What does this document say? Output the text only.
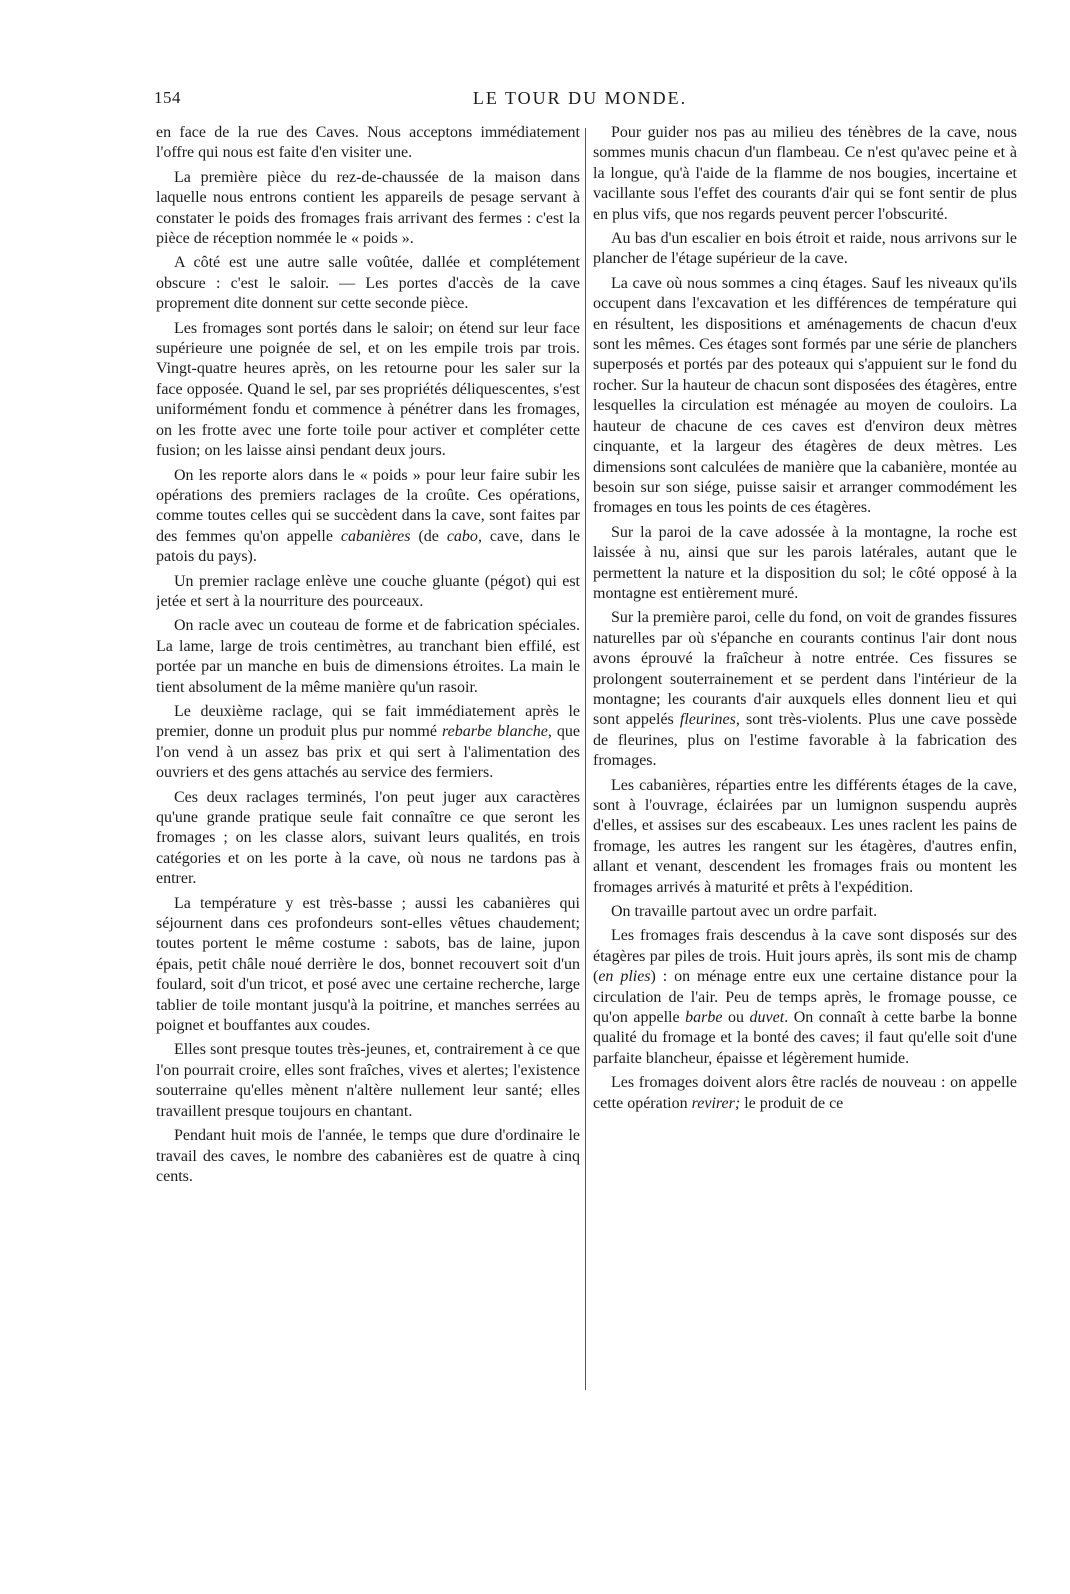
154	LE TOUR DU MONDE.

en face de la rue des Caves. Nous acceptons immédiatement l'offre qui nous est faite d'en visiter une.

La première pièce du rez-de-chaussée de la maison dans laquelle nous entrons contient les appareils de pesage servant à constater le poids des fromages frais arrivant des fermes : c'est la pièce de réception nommée le « poids ».

A côté est une autre salle voûtée, dallée et complétement obscure : c'est le saloir. — Les portes d'accès de la cave proprement dite donnent sur cette seconde pièce.

Les fromages sont portés dans le saloir; on étend sur leur face supérieure une poignée de sel, et on les empile trois par trois. Vingt-quatre heures après, on les retourne pour les saler sur la face opposée. Quand le sel, par ses propriétés déliquescentes, s'est uniformément fondu et commence à pénétrer dans les fromages, on les frotte avec une forte toile pour activer et compléter cette fusion; on les laisse ainsi pendant deux jours.

On les reporte alors dans le « poids » pour leur faire subir les opérations des premiers raclages de la croûte. Ces opérations, comme toutes celles qui se succèdent dans la cave, sont faites par des femmes qu'on appelle cabanières (de cabo, cave, dans le patois du pays).

Un premier raclage enlève une couche gluante (pégot) qui est jetée et sert à la nourriture des pourceaux.

On racle avec un couteau de forme et de fabrication spéciales. La lame, large de trois centimètres, au tranchant bien effilé, est portée par un manche en buis de dimensions étroites. La main le tient absolument de la même manière qu'un rasoir.

Le deuxième raclage, qui se fait immédiatement après le premier, donne un produit plus pur nommé rebarbe blanche, que l'on vend à un assez bas prix et qui sert à l'alimentation des ouvriers et des gens attachés au service des fermiers.

Ces deux raclages terminés, l'on peut juger aux caractères qu'une grande pratique seule fait connaître ce que seront les fromages ; on les classe alors, suivant leurs qualités, en trois catégories et on les porte à la cave, où nous ne tardons pas à entrer.

La température y est très-basse ; aussi les cabanières qui séjournent dans ces profondeurs sont-elles vêtues chaudement; toutes portent le même costume : sabots, bas de laine, jupon épais, petit châle noué derrière le dos, bonnet recouvert soit d'un foulard, soit d'un tricot, et posé avec une certaine recherche, large tablier de toile montant jusqu'à la poitrine, et manches serrées au poignet et bouffantes aux coudes.

Elles sont presque toutes très-jeunes, et, contrairement à ce que l'on pourrait croire, elles sont fraîches, vives et alertes; l'existence souterraine qu'elles mènent n'altère nullement leur santé; elles travaillent presque toujours en chantant.

Pendant huit mois de l'année, le temps que dure d'ordinaire le travail des caves, le nombre des cabanières est de quatre à cinq cents.

Pour guider nos pas au milieu des ténèbres de la cave, nous sommes munis chacun d'un flambeau. Ce n'est qu'avec peine et à la longue, qu'à l'aide de la flamme de nos bougies, incertaine et vacillante sous l'effet des courants d'air qui se font sentir de plus en plus vifs, que nos regards peuvent percer l'obscurité.

Au bas d'un escalier en bois étroit et raide, nous arrivons sur le plancher de l'étage supérieur de la cave.

La cave où nous sommes a cinq étages. Sauf les niveaux qu'ils occupent dans l'excavation et les différences de température qui en résultent, les dispositions et aménagements de chacun d'eux sont les mêmes. Ces étages sont formés par une série de planchers superposés et portés par des poteaux qui s'appuient sur le fond du rocher. Sur la hauteur de chacun sont disposées des étagères, entre lesquelles la circulation est ménagée au moyen de couloirs. La hauteur de chacune de ces caves est d'environ deux mètres cinquante, et la largeur des étagères de deux mètres. Les dimensions sont calculées de manière que la cabanière, montée au besoin sur son siége, puisse saisir et arranger commodément les fromages en tous les points de ces étagères.

Sur la paroi de la cave adossée à la montagne, la roche est laissée à nu, ainsi que sur les parois latérales, autant que le permettent la nature et la disposition du sol; le côté opposé à la montagne est entièrement muré.

Sur la première paroi, celle du fond, on voit de grandes fissures naturelles par où s'épanche en courants continus l'air dont nous avons éprouvé la fraîcheur à notre entrée. Ces fissures se prolongent souterrainement et se perdent dans l'intérieur de la montagne; les courants d'air auxquels elles donnent lieu et qui sont appelés fleurines, sont très-violents. Plus une cave possède de fleurines, plus on l'estime favorable à la fabrication des fromages.

Les cabanières, réparties entre les différents étages de la cave, sont à l'ouvrage, éclairées par un lumignon suspendu auprès d'elles, et assises sur des escabeaux. Les unes raclent les pains de fromage, les autres les rangent sur les étagères, d'autres enfin, allant et venant, descendent les fromages frais ou montent les fromages arrivés à maturité et prêts à l'expédition.

On travaille partout avec un ordre parfait.

Les fromages frais descendus à la cave sont disposés sur des étagères par piles de trois. Huit jours après, ils sont mis de champ (en plies) : on ménage entre eux une certaine distance pour la circulation de l'air. Peu de temps après, le fromage pousse, ce qu'on appelle barbe ou duvet. On connaît à cette barbe la bonne qualité du fromage et la bonté des caves; il faut qu'elle soit d'une parfaite blancheur, épaisse et légèrement humide.

Les fromages doivent alors être raclés de nouveau : on appelle cette opération revirer; le produit de ce
